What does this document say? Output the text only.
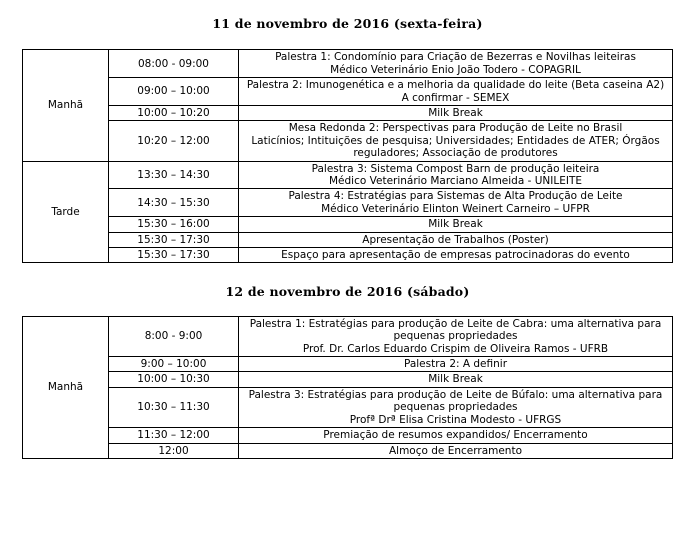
11 de novembro de 2016 (sexta-feira)
Manhã	08:00 - 09:00	Palestra 1: Condomínio para Criação de Bezerras e Novilhas leiteiras
Médico Veterinário Enio João Todero - COPAGRIL

	09:00 – 10:00	Palestra 2: Imunogenética e a melhoria da qualidade do leite (Beta caseina A2)
A confirmar - SEMEX

	10:00 – 10:20	Milk Break

	10:20 – 12:00	Mesa Redonda 2: Perspectivas para Produção de Leite no Brasil
Laticínios; Intituições de pesquisa; Universidades; Entidades de ATER; Órgãos reguladores; Associação de produtores

Tarde	13:30 – 14:30	Palestra 3: Sistema Compost Barn de produção leiteira
Médico Veterinário Marciano Almeida - UNILEITE

	14:30 – 15:30	Palestra 4: Estratégias para Sistemas de Alta Produção de Leite
Médico Veterinário Elinton Weinert Carneiro – UFPR

	15:30 – 16:00	Milk Break

	15:30 – 17:30	Apresentação de Trabalhos (Poster)

	15:30 – 17:30	Espaço para apresentação de empresas patrocinadoras do evento
12 de novembro de 2016 (sábado)
Manhã	8:00 - 9:00	Palestra 1: Estratégias para produção de Leite de Cabra: uma alternativa para pequenas propriedades
Prof. Dr. Carlos Eduardo Crispim de Oliveira Ramos - UFRB

	9:00 – 10:00	Palestra 2: A definir

	10:00 – 10:30	Milk Break

	10:30 – 11:30	Palestra 3: Estratégias para produção de Leite de Búfalo: uma alternativa para pequenas propriedades
Profª Drª Elisa Cristina Modesto - UFRGS

	11:30 – 12:00	Premiação de resumos expandidos/ Encerramento

	12:00	Almoço de Encerramento
